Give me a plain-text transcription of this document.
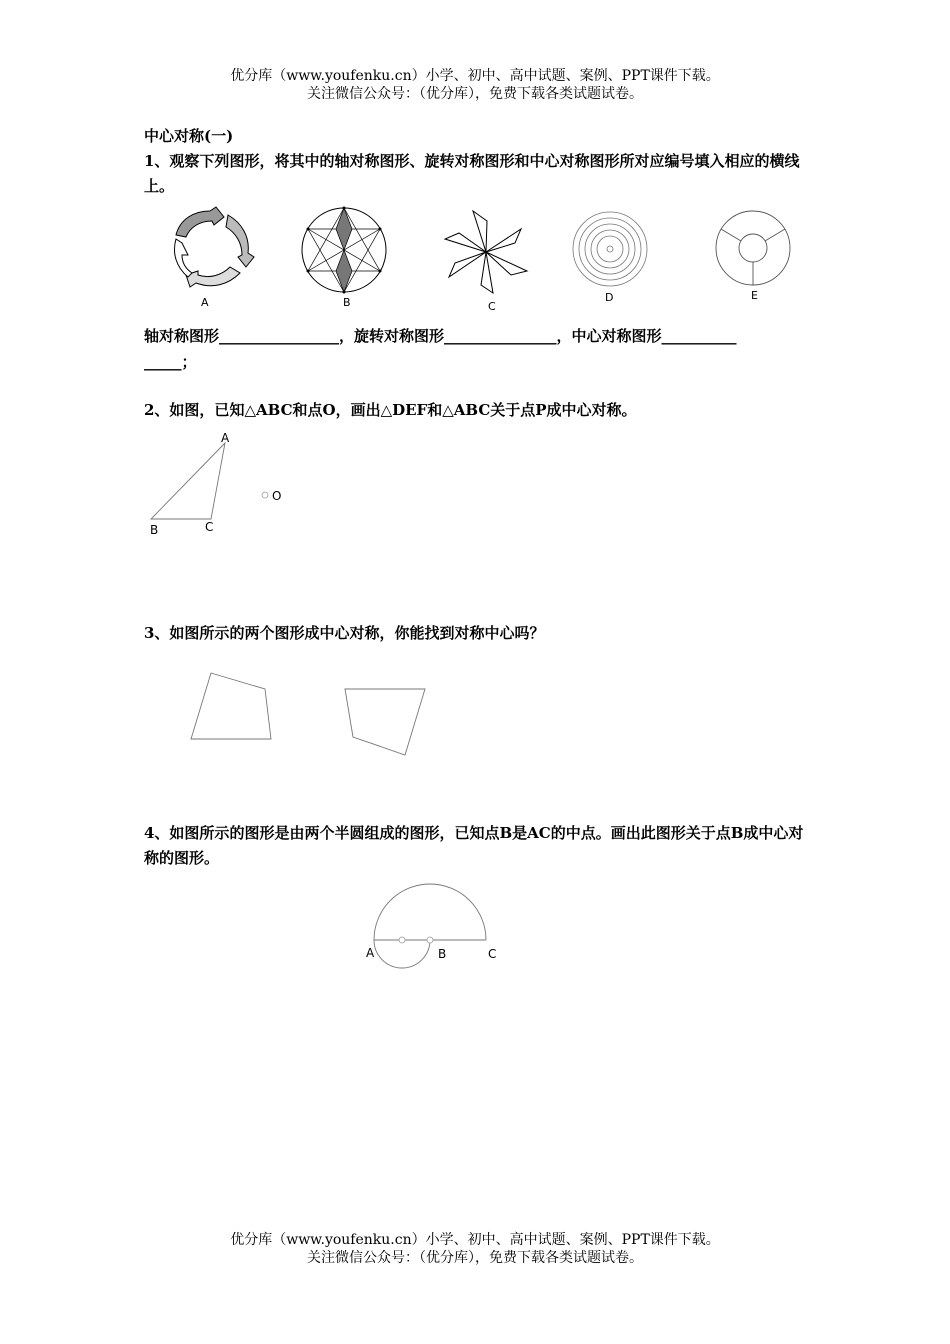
优分库（www.youfenku.cn）小学、初中、高中试题、案例、PPT课件下载。
关注微信公众号：（优分库），免费下载各类试题试卷。
中心对称(一)
1、观察下列图形，将其中的轴对称图形、旋转对称图形和中心对称图形所对应编号填入相应的横线上。
A	B	C
D	E
轴对称图形________________，旋转对称图形_______________，中心对称图形__________
_____；
2、如图，已知△ABC和点O，画出△DEF和△ABC关于点P成中心对称。
A
B	C
O
3、如图所示的两个图形成中心对称，你能找到对称中心吗？
4、如图所示的图形是由两个半圆组成的图形，已知点B是AC的中点。画出此图形关于点B成中心对称的图形。
A	B	C
优分库（www.youfenku.cn）小学、初中、高中试题、案例、PPT课件下载。
关注微信公众号：（优分库），免费下载各类试题试卷。
